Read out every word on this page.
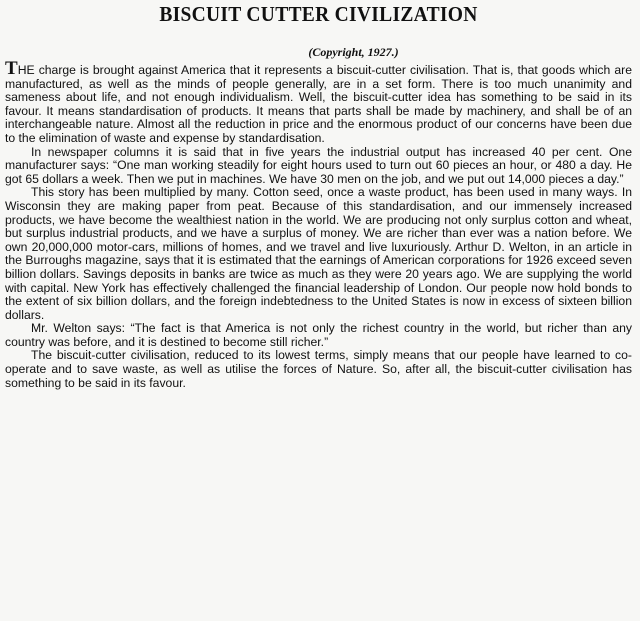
BISCUIT CUTTER CIVILIZATION
(Copyright, 1927.)

THE charge is brought against America that it represents a biscuit-cutter civilisation. That is, that goods which are manufactured, as well as the minds of people generally, are in a set form. There is too much unanimity and sameness about life, and not enough individualism. Well, the biscuit-cutter idea has something to be said in its favour. It means standardisation of products. It means that parts shall be made by machinery, and shall be of an interchangeable nature. Almost all the reduction in price and the enormous product of our concerns have been due to the elimination of waste and expense by standardisation.

In newspaper columns it is said that in five years the industrial output has increased 40 per cent. One manufacturer says: “One man working steadily for eight hours used to turn out 60 pieces an hour, or 480 a day. He got 65 dollars a week. Then we put in machines. We have 30 men on the job, and we put out 14,000 pieces a day.”

This story has been multiplied by many. Cotton seed, once a waste product, has been used in many ways. In Wisconsin they are making paper from peat. Because of this standardisation, and our immensely increased products, we have become the wealthiest nation in the world. We are producing not only surplus cotton and wheat, but surplus industrial products, and we have a surplus of money. We are richer than ever was a nation before. We own 20,000,000 motor-cars, millions of homes, and we travel and live luxuriously. Arthur D. Welton, in an article in the Burroughs magazine, says that it is estimated that the earnings of American corporations for 1926 exceed seven billion dollars. Savings deposits in banks are twice as much as they were 20 years ago. We are supplying the world with capital. New York has effectively challenged the financial leadership of London. Our people now hold bonds to the extent of six billion dollars, and the foreign indebtedness to the United States is now in excess of sixteen billion dollars.

Mr. Welton says: “The fact is that America is not only the richest country in the world, but richer than any country was before, and it is destined to become still richer.”

The biscuit-cutter civilisation, reduced to its lowest terms, simply means that our people have learned to co-operate and to save waste, as well as utilise the forces of Nature. So, after all, the biscuit-cutter civilisation has something to be said in its favour.
